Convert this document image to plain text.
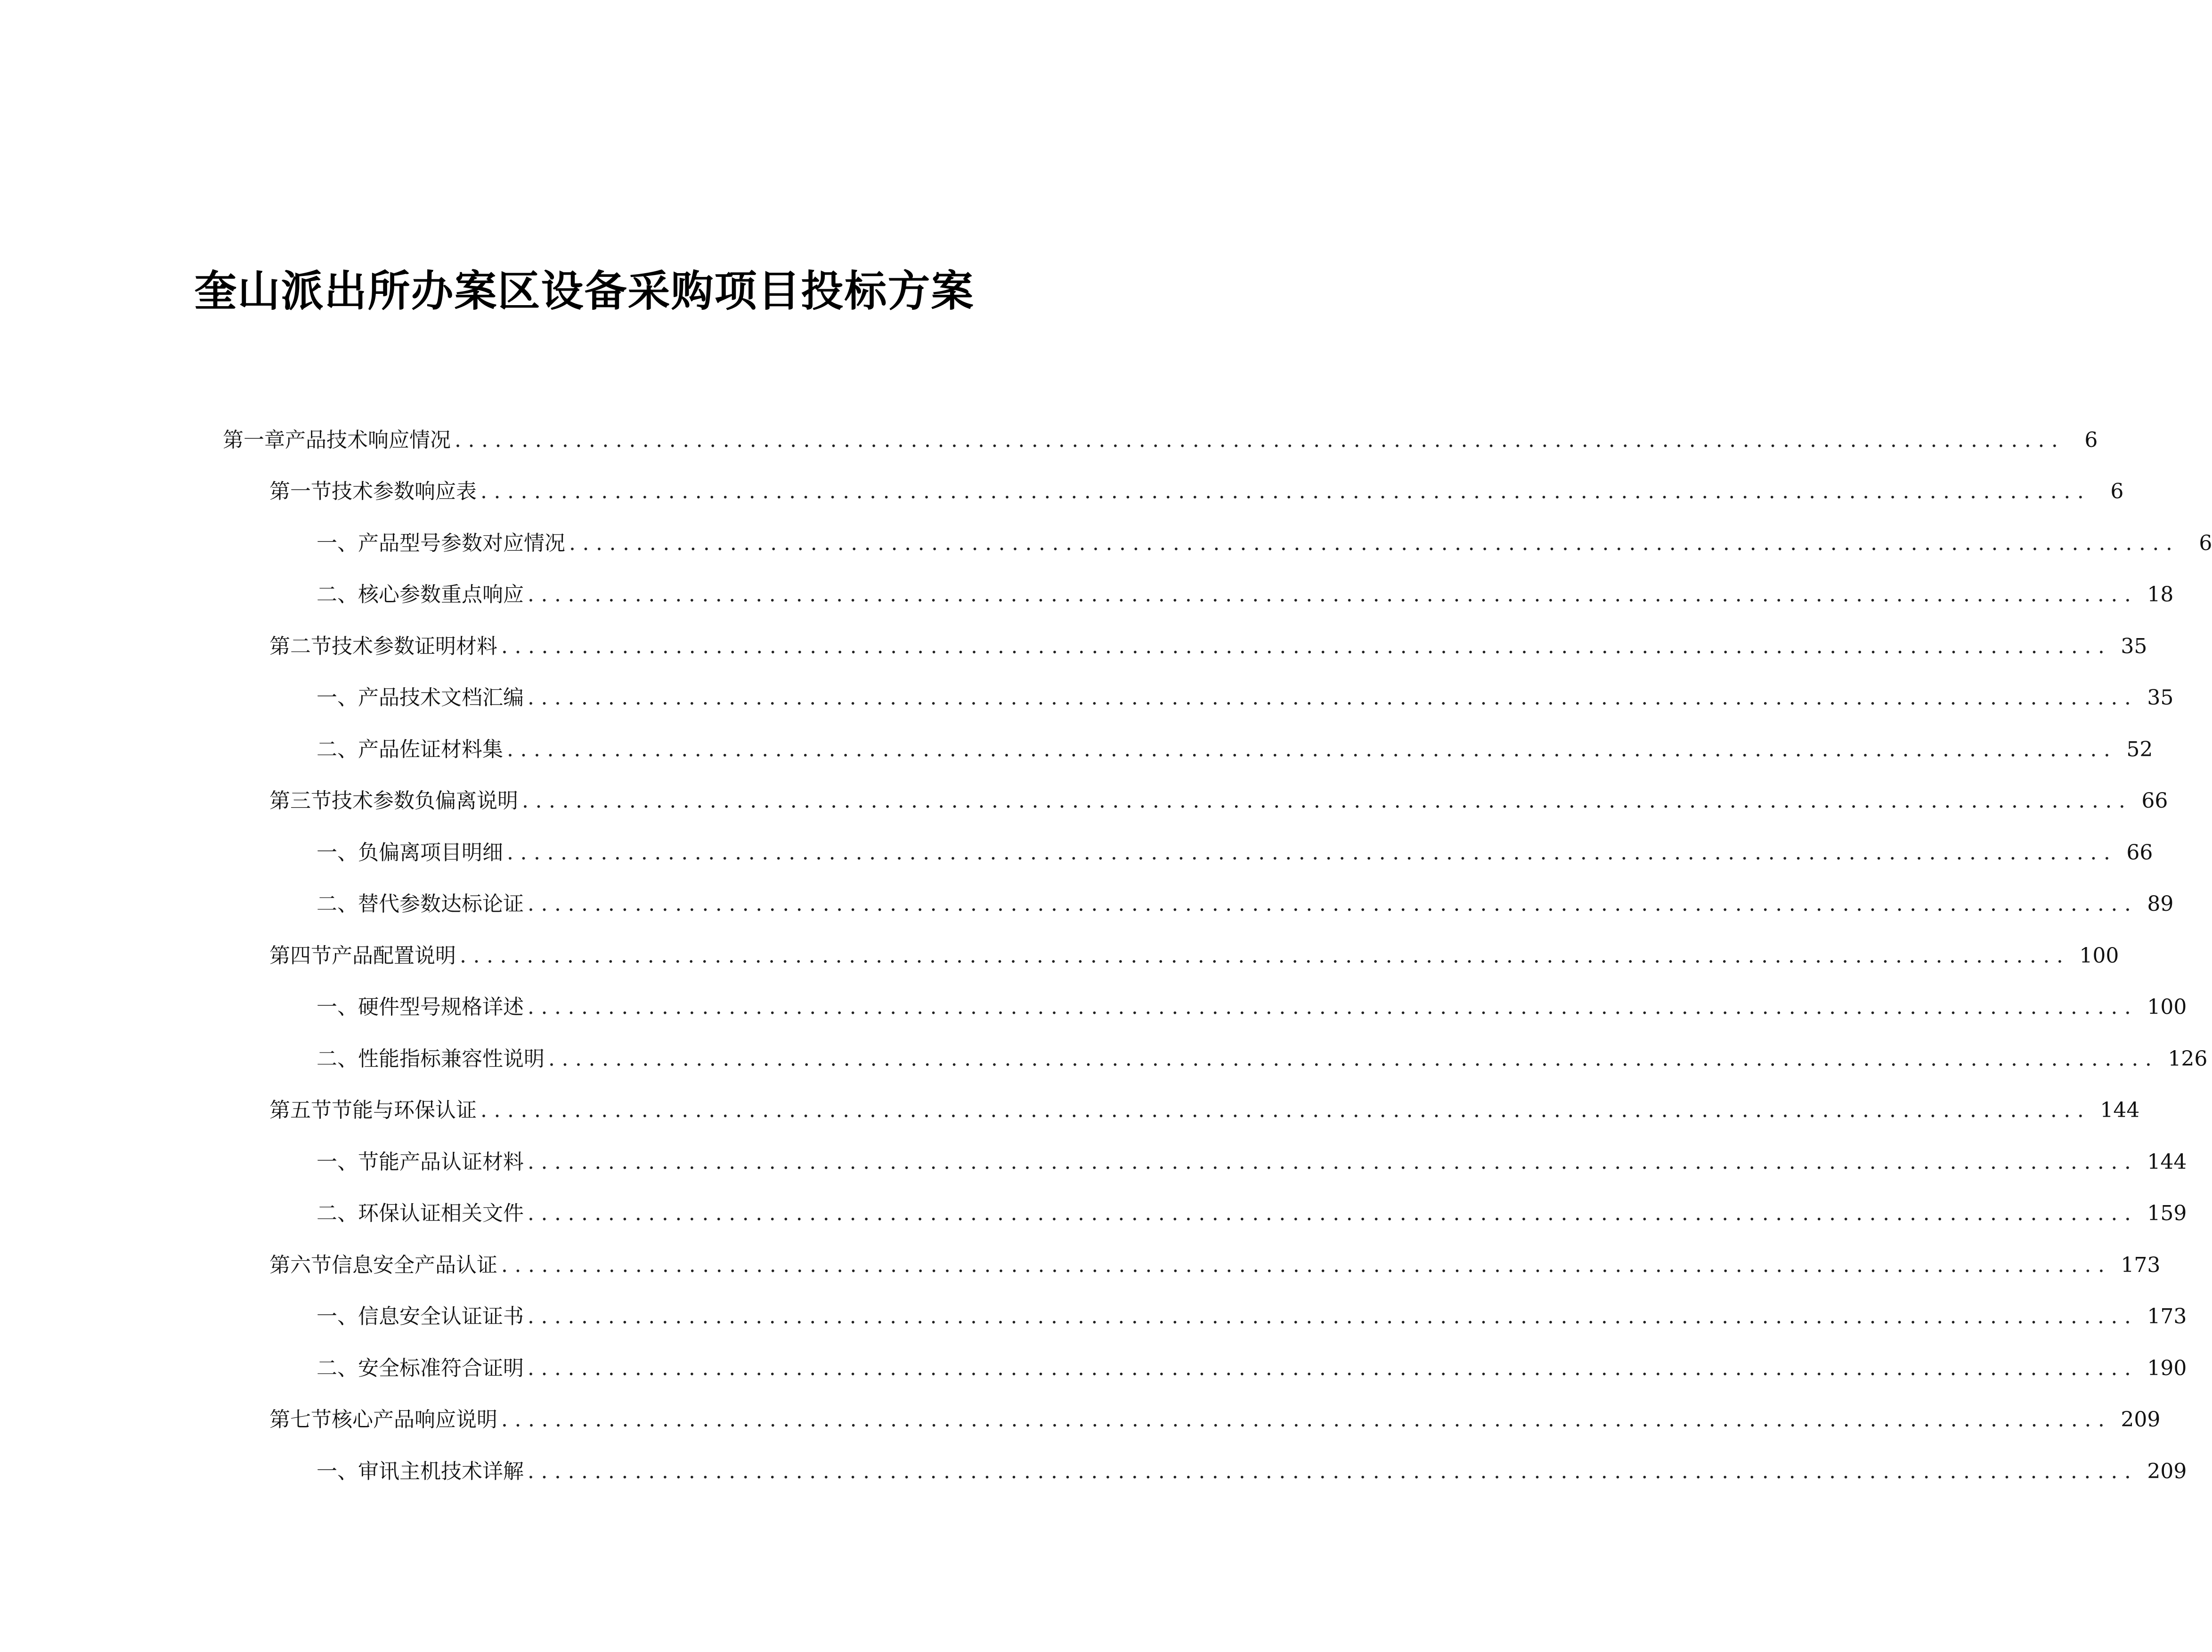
奎山派出所办案区设备采购项目投标方案
第一章 产品技术响应情况 ........................................................................................................................ 6
第一节 技术参数响应表 ........................................................................................................................ 6
一、 产品型号参数对应情况 ........................................................................................................................ 6
二、 核心参数重点响应 ........................................................................................................................ 18
第二节 技术参数证明材料 ........................................................................................................................ 35
一、 产品技术文档汇编 ........................................................................................................................ 35
二、 产品佐证材料集 ........................................................................................................................ 52
第三节 技术参数负偏离说明 ........................................................................................................................ 66
一、 负偏离项目明细 ........................................................................................................................ 66
二、 替代参数达标论证 ........................................................................................................................ 89
第四节 产品配置说明 ........................................................................................................................ 100
一、 硬件型号规格详述 ........................................................................................................................ 100
二、 性能指标兼容性说明 ........................................................................................................................ 126
第五节 节能与环保认证 ........................................................................................................................ 144
一、 节能产品认证材料 ........................................................................................................................ 144
二、 环保认证相关文件 ........................................................................................................................ 159
第六节 信息安全产品认证 ........................................................................................................................ 173
一、 信息安全认证证书 ........................................................................................................................ 173
二、 安全标准符合证明 ........................................................................................................................ 190
第七节 核心产品响应说明 ........................................................................................................................ 209
一、 审讯主机技术详解 ........................................................................................................................ 209
